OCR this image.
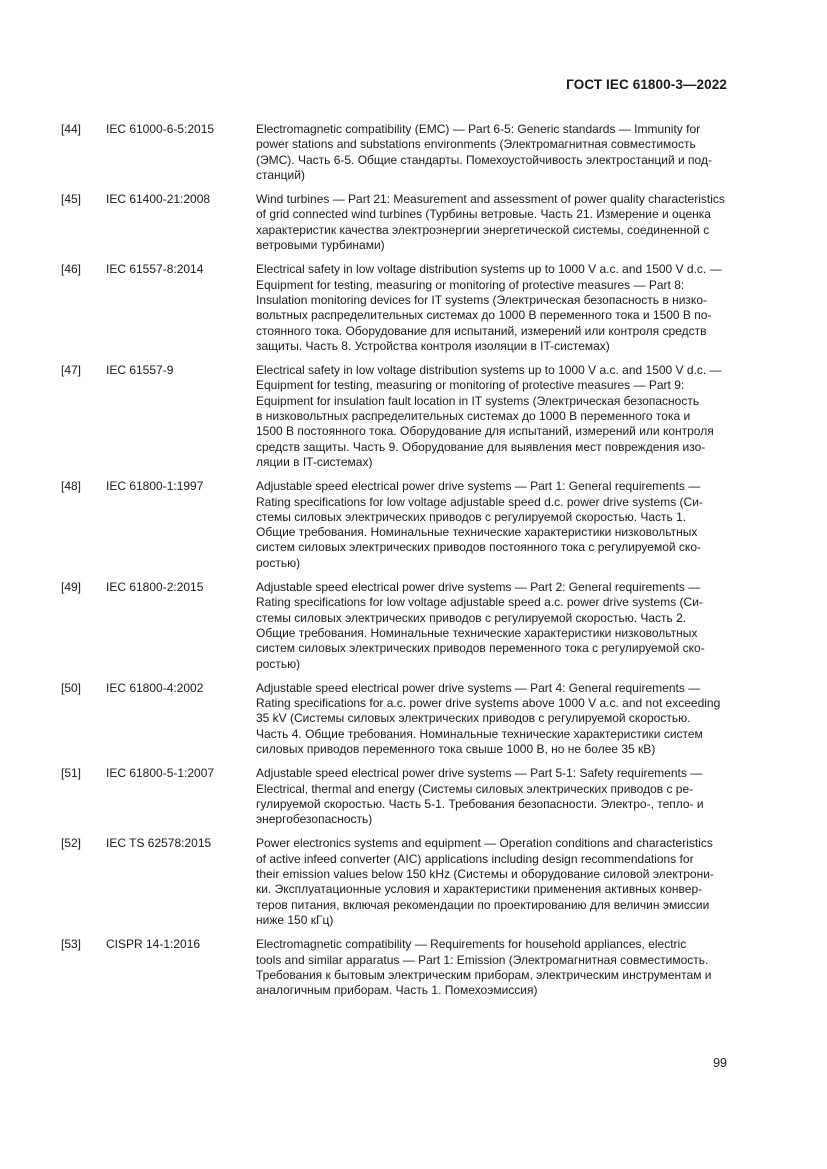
ГОСТ IEC 61800-3—2022
[44]	IEC 61000-6-5:2015	Electromagnetic compatibility (EMC) — Part 6-5: Generic standards — Immunity for
power stations and substations environments (Электромагнитная совместимость
(ЭМС). Часть 6-5. Общие стандарты. Помехоустойчивость электростанций и под-
станций)
[45]	IEC 61400-21:2008	Wind turbines — Part 21: Measurement and assessment of power quality characteristics
of grid connected wind turbines (Турбины ветровые. Часть 21. Измерение и оценка
характеристик качества электроэнергии энергетической системы, соединенной с
ветровыми турбинами)
[46]	IEC 61557-8:2014	Electrical safety in low voltage distribution systems up to 1000 V a.c. and 1500 V d.c. —
Equipment for testing, measuring or monitoring of protective measures — Part 8:
Insulation monitoring devices for IT systems (Электрическая безопасность в низко-
вольтных распределительных системах до 1000 В переменного тока и 1500 В по-
стоянного тока. Оборудование для испытаний, измерений или контроля средств
защиты. Часть 8. Устройства контроля изоляции в IT-системах)
[47]	IEC 61557-9	Electrical safety in low voltage distribution systems up to 1000 V a.c. and 1500 V d.c. —
Equipment for testing, measuring or monitoring of protective measures — Part 9:
Equipment for insulation fault location in IT systems (Электрическая безопасность
в низковольтных распределительных системах до 1000 В переменного тока и
1500 В постоянного тока. Оборудование для испытаний, измерений или контроля
средств защиты. Часть 9. Оборудование для выявления мест повреждения изо-
ляции в IT-системах)
[48]	IEC 61800-1:1997	Adjustable speed electrical power drive systems — Part 1: General requirements —
Rating specifications for low voltage adjustable speed d.c. power drive systems (Си-
стемы силовых электрических приводов с регулируемой скоростью. Часть 1.
Общие требования. Номинальные технические характеристики низковольтных
систем силовых электрических приводов постоянного тока с регулируемой ско-
ростью)
[49]	IEC 61800-2:2015	Adjustable speed electrical power drive systems — Part 2: General requirements —
Rating specifications for low voltage adjustable speed a.c. power drive systems (Си-
стемы силовых электрических приводов с регулируемой скоростью. Часть 2.
Общие требования. Номинальные технические характеристики низковольтных
систем силовых электрических приводов переменного тока с регулируемой ско-
ростью)
[50]	IEC 61800-4:2002	Adjustable speed electrical power drive systems — Part 4: General requirements —
Rating specifications for a.c. power drive systems above 1000 V a.c. and not exceeding
35 kV (Системы силовых электрических приводов с регулируемой скоростью.
Часть 4. Общие требования. Номинальные технические характеристики систем
силовых приводов переменного тока свыше 1000 В, но не более 35 кВ)
[51]	IEC 61800-5-1:2007	Adjustable speed electrical power drive systems — Part 5-1: Safety requirements —
Electrical, thermal and energy (Системы силовых электрических приводов с ре-
гулируемой скоростью. Часть 5-1. Требования безопасности. Электро-, тепло- и
энергобезопасность)
[52]	IEC TS 62578:2015	Power electronics systems and equipment — Operation conditions and characteristics
of active infeed converter (AIC) applications including design recommendations for
their emission values below 150 kHz (Системы и оборудование силовой электрони-
ки. Эксплуатационные условия и характеристики применения активных конвер-
теров питания, включая рекомендации по проектированию для величин эмиссии
ниже 150 кГц)
[53]	CISPR 14-1:2016	Electromagnetic compatibility — Requirements for household appliances, electric
tools and similar apparatus — Part 1: Emission (Электромагнитная совместимость.
Требования к бытовым электрическим приборам, электрическим инструментам и
аналогичным приборам. Часть 1. Помехоэмиссия)
99
